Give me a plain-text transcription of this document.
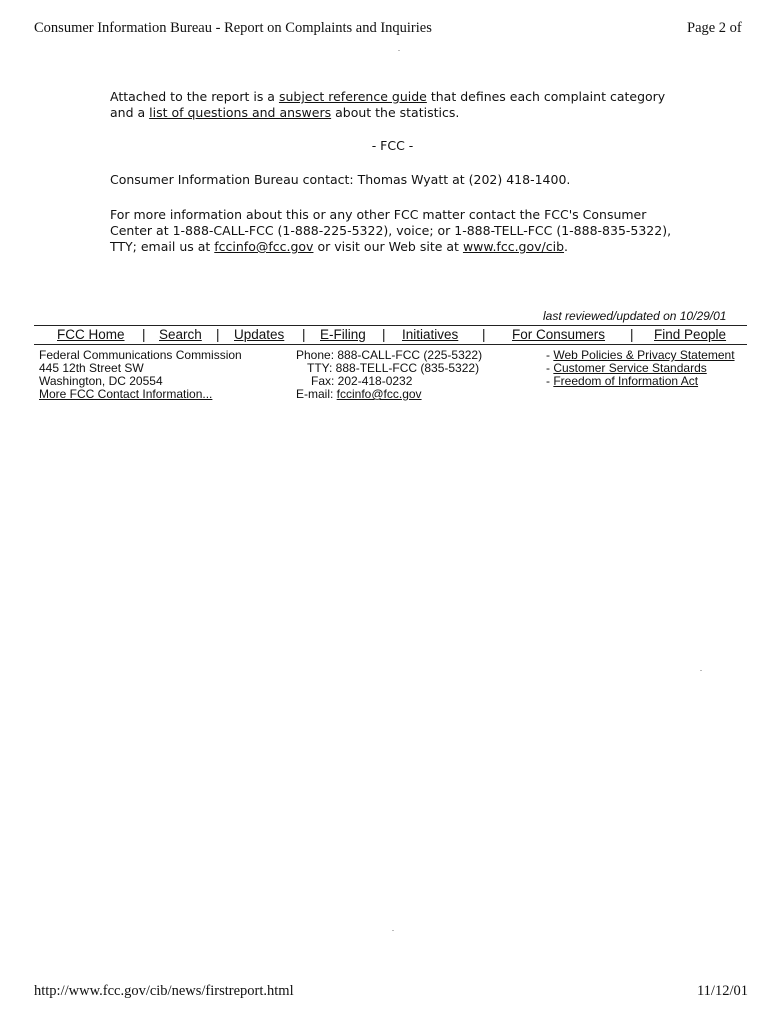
Consumer Information Bureau - Report on Complaints and Inquiries	Page 2 of
Attached to the report is a subject reference guide that defines each complaint category and a list of questions and answers about the statistics.
- FCC -
Consumer Information Bureau contact: Thomas Wyatt at (202) 418-1400.
For more information about this or any other FCC matter contact the FCC's Consumer Center at 1-888-CALL-FCC (1-888-225-5322), voice; or 1-888-TELL-FCC (1-888-835-5322), TTY; email us at fccinfo@fcc.gov or visit our Web site at www.fcc.gov/cib.
last reviewed/updated on 10/29/01
FCC Home | Search | Updates | E-Filing | Initiatives | For Consumers | Find People
Federal Communications Commission
445 12th Street SW
Washington, DC 20554
More FCC Contact Information...
Phone: 888-CALL-FCC (225-5322)
TTY: 888-TELL-FCC (835-5322)
Fax: 202-418-0232
E-mail: fccinfo@fcc.gov
- Web Policies & Privacy Statement
- Customer Service Standards
- Freedom of Information Act
http://www.fcc.gov/cib/news/firstreport.html	11/12/01
